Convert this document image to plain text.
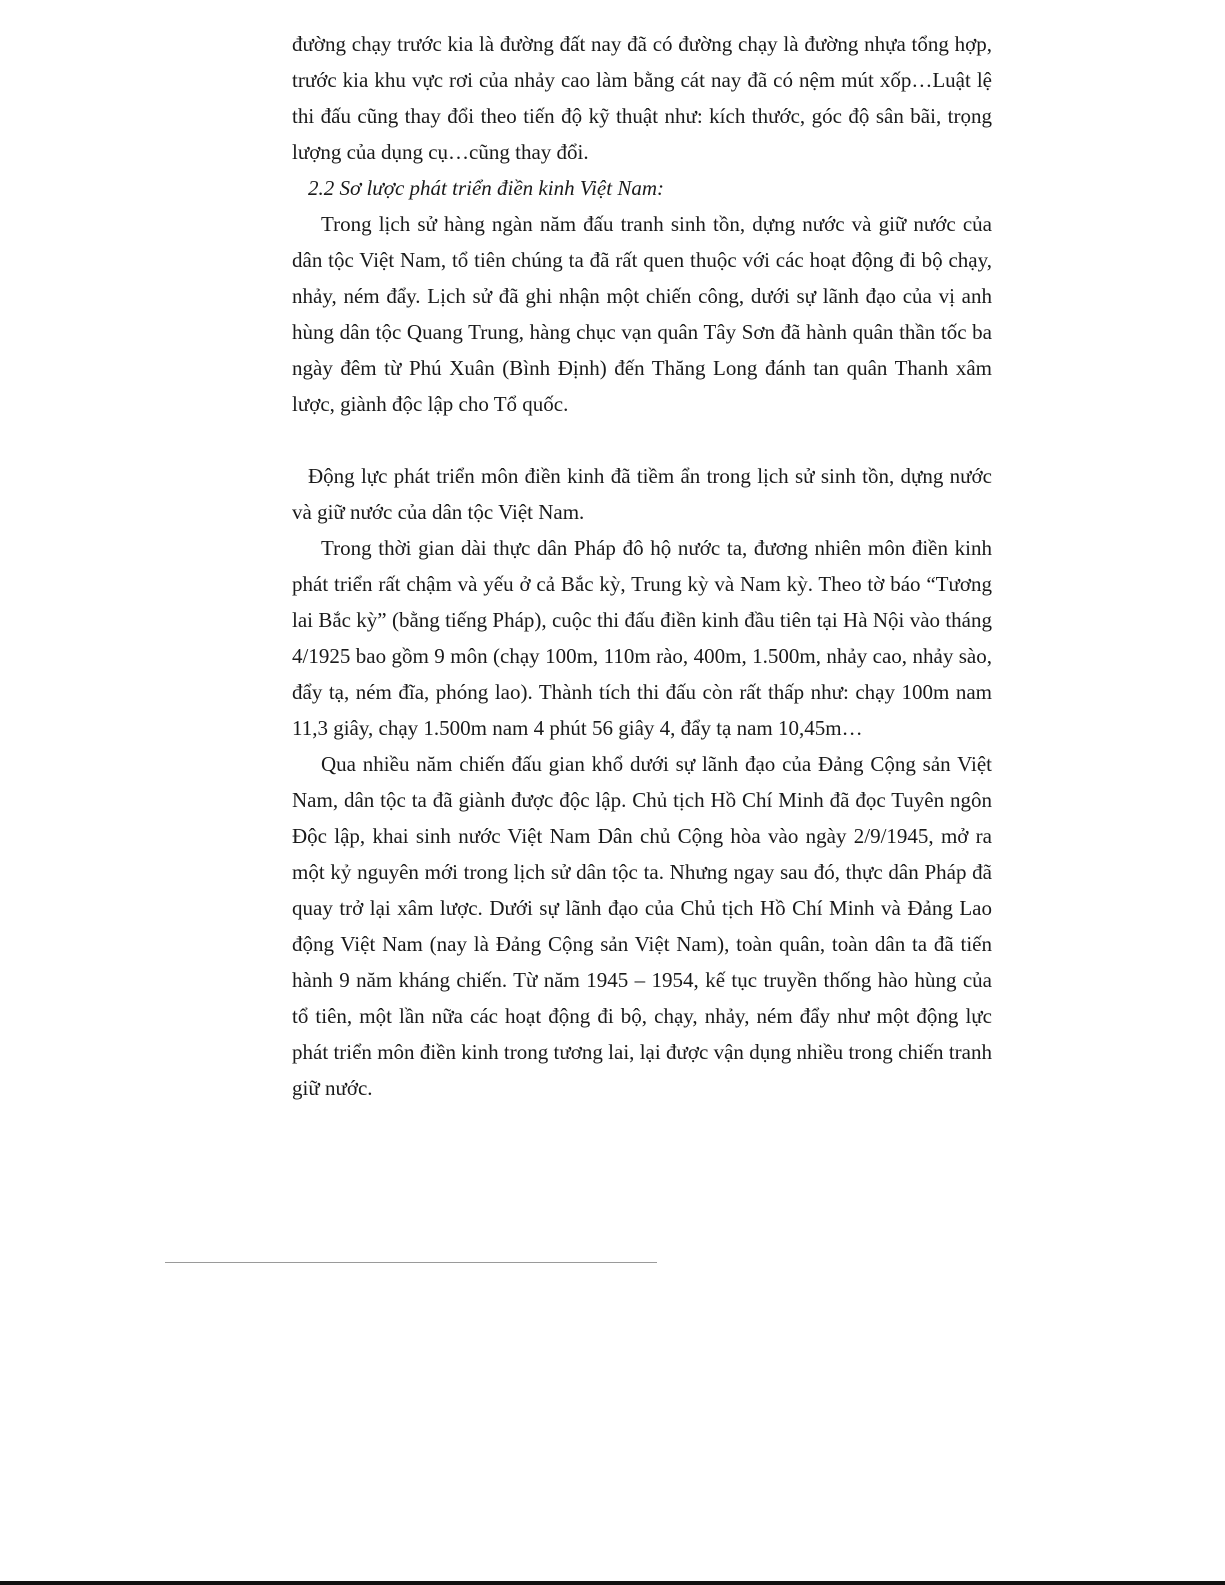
đường chạy trước kia là đường đất nay đã có đường chạy là đường nhựa tổng hợp, trước kia khu vực rơi của nhảy cao làm bằng cát nay đã có nệm mút xốp…Luật lệ thi đấu cũng thay đổi theo tiến độ kỹ thuật như: kích thước, góc độ sân bãi, trọng lượng của dụng cụ…cũng thay đổi.

2.2 Sơ lược phát triển điền kinh Việt Nam:

Trong lịch sử hàng ngàn năm đấu tranh sinh tồn, dựng nước và giữ nước của dân tộc Việt Nam, tổ tiên chúng ta đã rất quen thuộc với các hoạt động đi bộ chạy, nhảy, ném đẩy. Lịch sử đã ghi nhận một chiến công, dưới sự lãnh đạo của vị anh hùng dân tộc Quang Trung, hàng chục vạn quân Tây Sơn đã hành quân thần tốc ba ngày đêm từ Phú Xuân (Bình Định) đến Thăng Long đánh tan quân Thanh xâm lược, giành độc lập cho Tổ quốc.

Động lực phát triển môn điền kinh đã tiềm ẩn trong lịch sử sinh tồn, dựng nước và giữ nước của dân tộc Việt Nam.

Trong thời gian dài thực dân Pháp đô hộ nước ta, đương nhiên môn điền kinh phát triển rất chậm và yếu ở cả Bắc kỳ, Trung kỳ và Nam kỳ. Theo tờ báo “Tương lai Bắc kỳ” (bằng tiếng Pháp), cuộc thi đấu điền kinh đầu tiên tại Hà Nội vào tháng 4/1925 bao gồm 9 môn (chạy 100m, 110m rào, 400m, 1.500m, nhảy cao, nhảy sào, đẩy tạ, ném đĩa, phóng lao). Thành tích thi đấu còn rất thấp như: chạy 100m nam 11,3 giây, chạy 1.500m nam 4 phút 56 giây 4, đẩy tạ nam 10,45m…

Qua nhiều năm chiến đấu gian khổ dưới sự lãnh đạo của Đảng Cộng sản Việt Nam, dân tộc ta đã giành được độc lập. Chủ tịch Hồ Chí Minh đã đọc Tuyên ngôn Độc lập, khai sinh nước Việt Nam Dân chủ Cộng hòa vào ngày 2/9/1945, mở ra một kỷ nguyên mới trong lịch sử dân tộc ta. Nhưng ngay sau đó, thực dân Pháp đã quay trở lại xâm lược. Dưới sự lãnh đạo của Chủ tịch Hồ Chí Minh và Đảng Lao động Việt Nam (nay là Đảng Cộng sản Việt Nam), toàn quân, toàn dân ta đã tiến hành 9 năm kháng chiến. Từ năm 1945 – 1954, kế tục truyền thống hào hùng của tổ tiên, một lần nữa các hoạt động đi bộ, chạy, nhảy, ném đẩy như một động lực phát triển môn điền kinh trong tương lai, lại được vận dụng nhiều trong chiến tranh giữ nước.
